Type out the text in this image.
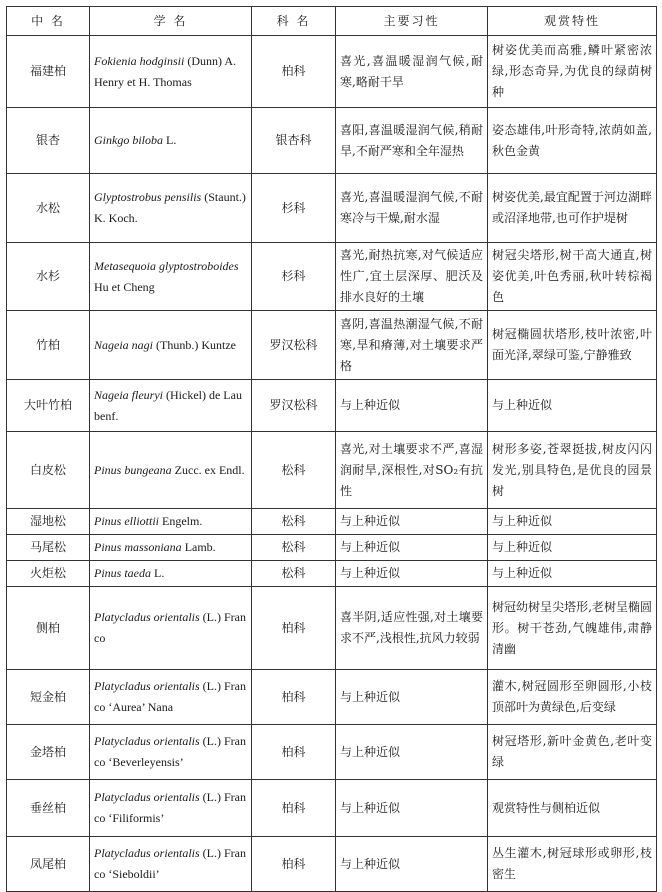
中 名	学 名	科 名	主要习性	观赏特性
福建柏	Fokienia hodginsii (Dunn) A. Henry et H. Thomas	柏科	喜光,喜温暖湿润气候,耐寒,略耐干旱	树姿优美而高雅,鳞叶紧密浓绿,形态奇异,为优良的绿荫树种
银杏	Ginkgo biloba L.	银杏科	喜阳,喜温暖湿润气候,稍耐旱,不耐严寒和全年湿热	姿态雄伟,叶形奇特,浓荫如盖,秋色金黄
水松	Glyptostrobus pensilis (Staunt.) K. Koch.	杉科	喜光,喜温暖湿润气候,不耐寒冷与干燥,耐水湿	树姿优美,最宜配置于河边湖畔或沼泽地带,也可作护堤树
水杉	Metasequoia glyptostroboides Hu et Cheng	杉科	喜光,耐热抗寒,对气候适应性广,宜土层深厚、肥沃及排水良好的土壤	树冠尖塔形,树干高大通直,树姿优美,叶色秀丽,秋叶转棕褐色
竹柏	Nageia nagi (Thunb.) Kuntze	罗汉松科	喜阴,喜温热潮湿气候,不耐寒,旱和瘠薄,对土壤要求严格	树冠椭圆状塔形,枝叶浓密,叶面光泽,翠绿可鉴,宁静雅致
大叶竹柏	Nageia fleuryi (Hickel) de Laubenf.	罗汉松科	与上种近似	与上种近似
白皮松	Pinus bungeana Zucc. ex Endl.	松科	喜光,对土壤要求不严,喜湿润耐旱,深根性,对SO₂有抗性	树形多姿,苍翠挺拔,树皮闪闪发光,别具特色,是优良的园景树
湿地松	Pinus elliottii Engelm.	松科	与上种近似	与上种近似
马尾松	Pinus massoniana Lamb.	松科	与上种近似	与上种近似
火炬松	Pinus taeda L.	松科	与上种近似	与上种近似
侧柏	Platycladus orientalis (L.) Franco	柏科	喜半阴,适应性强,对土壤要求不严,浅根性,抗风力较弱	树冠幼树呈尖塔形,老树呈椭圆形。树干苍劲,气魄雄伟,肃静清幽
短金柏	Platycladus orientalis (L.) Franco ‘Aurea’ Nana	柏科	与上种近似	灌木,树冠圆形至卵圆形,小枝顶部叶为黄绿色,后变绿
金塔柏	Platycladus orientalis (L.) Franco ‘Beverleyensis’	柏科	与上种近似	树冠塔形,新叶金黄色,老叶变绿
垂丝柏	Platycladus orientalis (L.) Franco ‘Filiformis’	柏科	与上种近似	观赏特性与侧柏近似
凤尾柏	Platycladus orientalis (L.) Franco ‘Sieboldii’	柏科	与上种近似	丛生灌木,树冠球形或卵形,枝密生
